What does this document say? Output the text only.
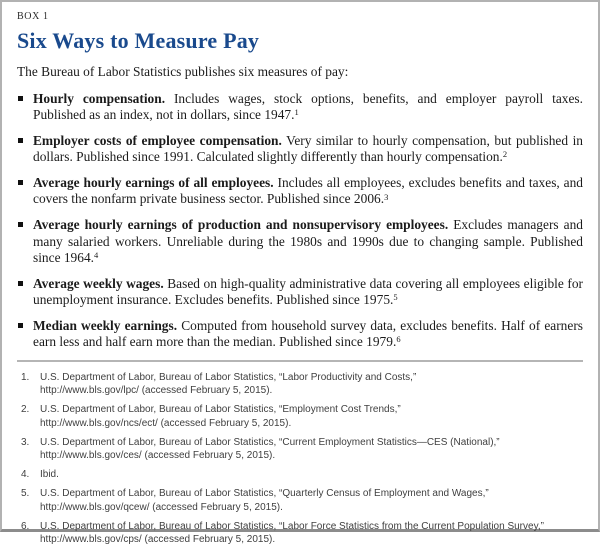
BOX 1
Six Ways to Measure Pay

The Bureau of Labor Statistics publishes six measures of pay:

Hourly compensation. Includes wages, stock options, benefits, and employer payroll taxes. Published as an index, not in dollars, since 1947.$^1$
Employer costs of employee compensation. Very similar to hourly compensation, but published in dollars. Published since 1991. Calculated slightly differently than hourly compensation.$^2$
Average hourly earnings of all employees. Includes all employees, excludes benefits and taxes, and covers the nonfarm private business sector. Published since 2006.$^3$
Average hourly earnings of production and nonsupervisory employees. Excludes managers and many salaried workers. Unreliable during the 1980s and 1990s due to changing sample. Published since 1964.$^4$
Average weekly wages. Based on high-quality administrative data covering all employees eligible for unemployment insurance. Excludes benefits. Published since 1975.$^5$
Median weekly earnings. Computed from household survey data, excludes benefits. Half of earners earn less and half earn more than the median. Published since 1979.$^6$
1.	U.S. Department of Labor, Bureau of Labor Statistics, “Labor Productivity and Costs,”
http://www.bls.gov/lpc/ (accessed February 5, 2015).
2.	U.S. Department of Labor, Bureau of Labor Statistics, “Employment Cost Trends,”
http://www.bls.gov/ncs/ect/ (accessed February 5, 2015).
3.	U.S. Department of Labor, Bureau of Labor Statistics, “Current Employment Statistics—CES (National),”
http://www.bls.gov/ces/ (accessed February 5, 2015).
4.	Ibid.
5.	U.S. Department of Labor, Bureau of Labor Statistics, “Quarterly Census of Employment and Wages,”
http://www.bls.gov/qcew/ (accessed February 5, 2015).
6.	U.S. Department of Labor, Bureau of Labor Statistics, “Labor Force Statistics from the Current Population Survey,”
http://www.bls.gov/cps/ (accessed February 5, 2015).
